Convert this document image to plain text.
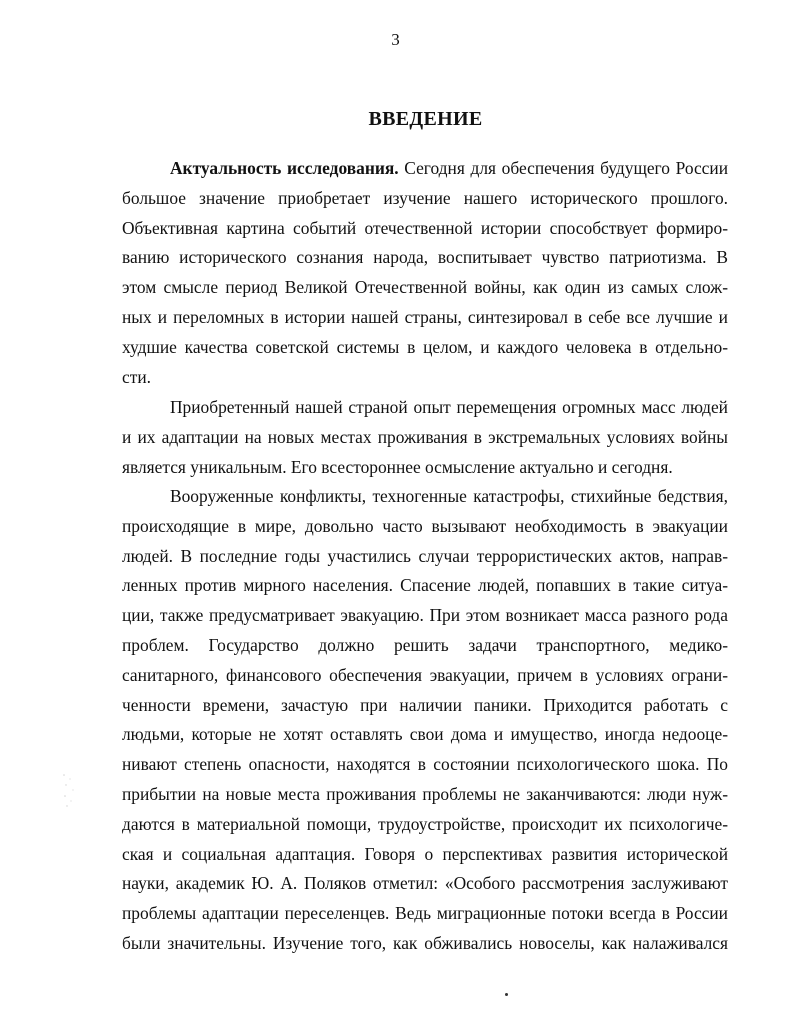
3
ВВЕДЕНИЕ
Актуальность исследования. Сегодня для обеспечения будущего России
большое значение приобретает изучение нашего исторического прошлого.
Объективная картина событий отечественной истории способствует формиро-
ванию исторического сознания народа, воспитывает чувство патриотизма. В
этом смысле период Великой Отечественной войны, как один из самых слож-
ных и переломных в истории нашей страны, синтезировал в себе все лучшие и
худшие качества советской системы в целом, и каждого человека в отдельно-
сти.
Приобретенный нашей страной опыт перемещения огромных масс людей
и их адаптации на новых местах проживания в экстремальных условиях войны
является уникальным. Его всестороннее осмысление актуально и сегодня.
Вооруженные конфликты, техногенные катастрофы, стихийные бедствия,
происходящие в мире, довольно часто вызывают необходимость в эвакуации
людей. В последние годы участились случаи террористических актов, направ-
ленных против мирного населения. Спасение людей, попавших в такие ситуа-
ции, также предусматривает эвакуацию. При этом возникает масса разного рода
проблем. Государство должно решить задачи транспортного, медико-
санитарного, финансового обеспечения эвакуации, причем в условиях ограни-
ченности времени, зачастую при наличии паники. Приходится работать с
людьми, которые не хотят оставлять свои дома и имущество, иногда недооце-
нивают степень опасности, находятся в состоянии психологического шока. По
прибытии на новые места проживания проблемы не заканчиваются: люди нуж-
даются в материальной помощи, трудоустройстве, происходит их психологиче-
ская и социальная адаптация. Говоря о перспективах развития исторической
науки, академик Ю. А. Поляков отметил: «Особого рассмотрения заслуживают
проблемы адаптации переселенцев. Ведь миграционные потоки всегда в России
были значительны. Изучение того, как обживались новоселы, как налаживался
